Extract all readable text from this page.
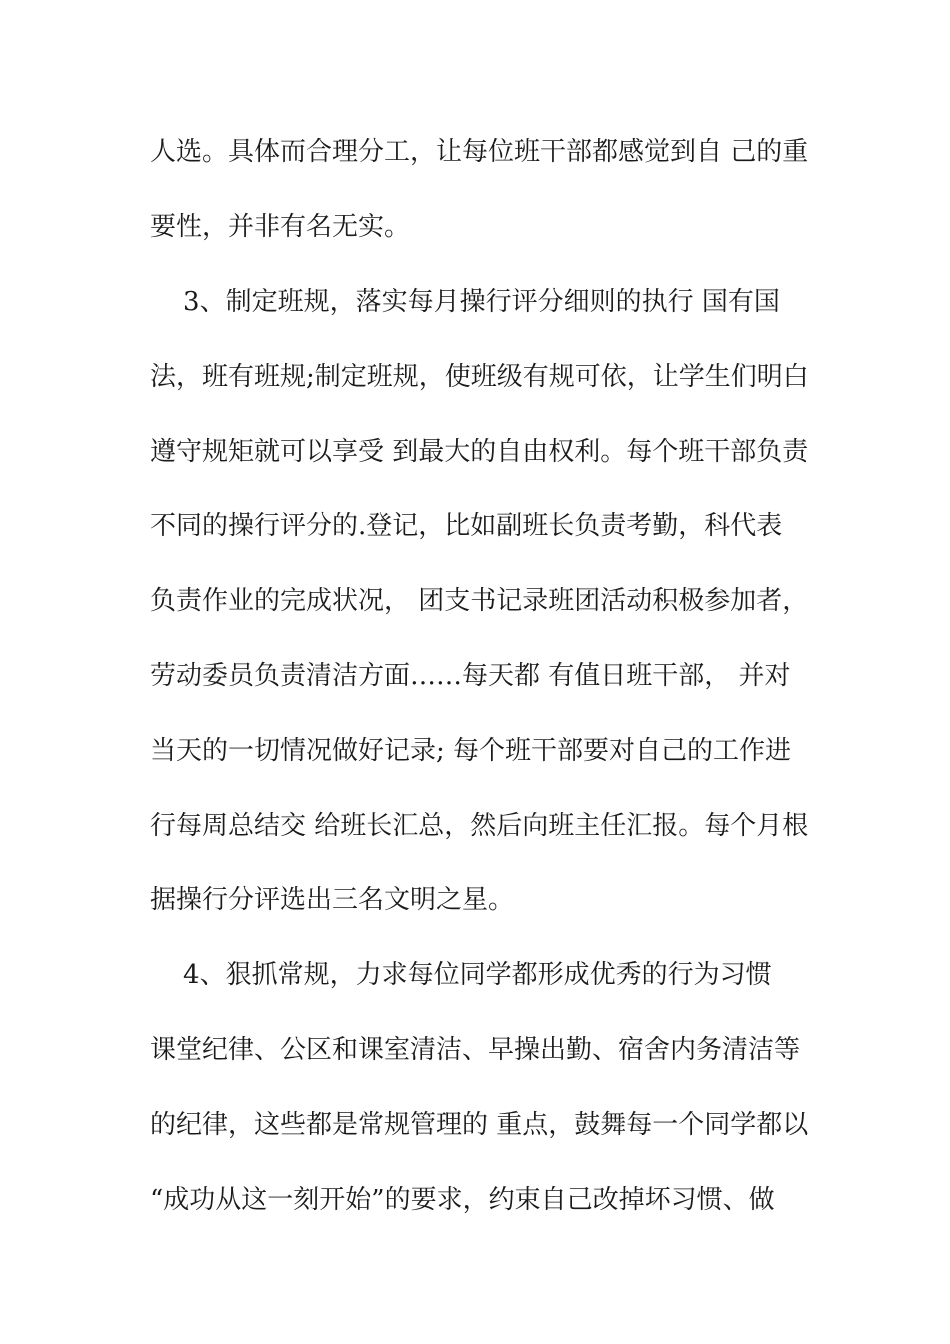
人选。具体而合理分工，让每位班干部都感觉到自 己的重
要性，并非有名无实。
3、制定班规，落实每月操行评分细则的执行 国有国
法，班有班规;制定班规，使班级有规可依，让学生们明白
遵守规矩就可以享受 到最大的自由权利。每个班干部负责
不同的操行评分的.登记，比如副班长负责考勤，科代表
负责作业的完成状况， 团支书记录班团活动积极参加者，
劳动委员负责清洁方面……每天都 有值日班干部， 并对
当天的一切情况做好记录; 每个班干部要对自己的工作进
行每周总结交 给班长汇总，然后向班主任汇报。每个月根
据操行分评选出三名文明之星。
4、狠抓常规，力求每位同学都形成优秀的行为习惯
课堂纪律、公区和课室清洁、早操出勤、宿舍内务清洁等
的纪律，这些都是常规管理的 重点，鼓舞每一个同学都以
“成功从这一刻开始”的要求，约束自己改掉坏习惯、做
